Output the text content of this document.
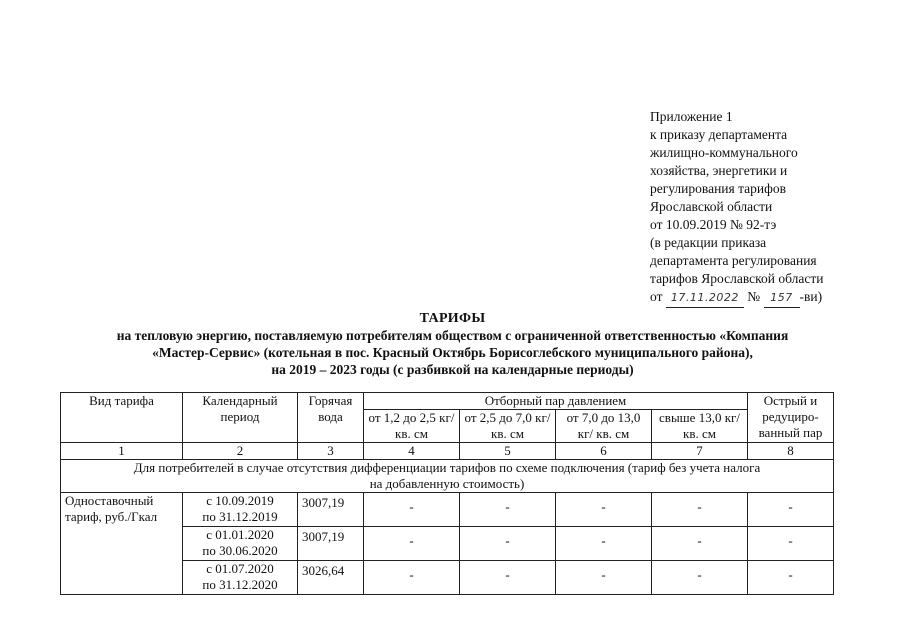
Приложение 1
к приказу департамента
жилищно-коммунального
хозяйства, энергетики и
регулирования тарифов
Ярославской области
от 10.09.2019 № 92-тэ
(в редакции приказа
департамента регулирования
тарифов Ярославской области
от 17.11.2022 № 157 -ви)
ТАРИФЫ
на тепловую энергию, поставляемую потребителям обществом с ограниченной ответственностью «Компания
«Мастер-Сервис» (котельная в пос. Красный Октябрь Борисоглебского муниципального района),
на 2019 – 2023 годы (с разбивкой на календарные периоды)
Вид тарифа	Календарный период	Горячая вода	Отборный пар давлением				Острый и редуциро-ванный пар
			от 1,2 до 2,5 кг/ кв. см	от 2,5 до 7,0 кг/ кв. см	от 7,0 до 13,0 кг/ кв. см	свыше 13,0 кг/ кв. см	
1	2	3	4	5	6	7	8

Для потребителей в случае отсутствия дифференциации тарифов по схеме подключения (тариф без учета налога
на добавленную стоимость)							

Одноставочный тариф, руб./Гкал	с 10.09.2019
по 31.12.2019	3007,19	-	-	-	-	-

	с 01.01.2020
по 30.06.2020	3007,19	-	-	-	-	-

	с 01.07.2020
по 31.12.2020	3026,64	-	-	-	-	-
